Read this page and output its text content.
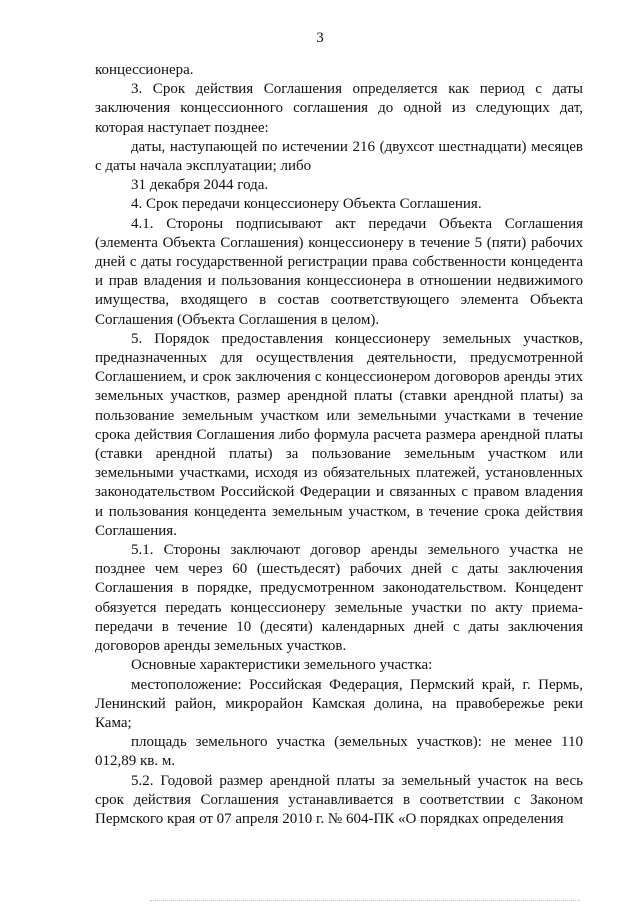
3

концессионера.

3. Срок действия Соглашения определяется как период с даты заключения концессионного соглашения до одной из следующих дат, которая наступает позднее:

даты, наступающей по истечении 216 (двухсот шестнадцати) месяцев с даты начала эксплуатации; либо

31 декабря 2044 года.

4. Срок передачи концессионеру Объекта Соглашения.

4.1. Стороны подписывают акт передачи Объекта Соглашения (элемента Объекта Соглашения) концессионеру в течение 5 (пяти) рабочих дней с даты государственной регистрации права собственности концедента и прав владения и пользования концессионера в отношении недвижимого имущества, входящего в состав соответствующего элемента Объекта Соглашения (Объекта Соглашения в целом).

5. Порядок предоставления концессионеру земельных участков, предназначенных для осуществления деятельности, предусмотренной Соглашением, и срок заключения с концессионером договоров аренды этих земельных участков, размер арендной платы (ставки арендной платы) за пользование земельным участком или земельными участками в течение срока действия Соглашения либо формула расчета размера арендной платы (ставки арендной платы) за пользование земельным участком или земельными участками, исходя из обязательных платежей, установленных законодательством Российской Федерации и связанных с правом владения и пользования концедента земельным участком, в течение срока действия Соглашения.

5.1. Стороны заключают договор аренды земельного участка не позднее чем через 60 (шестьдесят) рабочих дней с даты заключения Соглашения в порядке, предусмотренном законодательством. Концедент обязуется передать концессионеру земельные участки по акту приема-передачи в течение 10 (десяти) календарных дней с даты заключения договоров аренды земельных участков.

Основные характеристики земельного участка:

местоположение: Российская Федерация, Пермский край, г. Пермь, Ленинский район, микрорайон Камская долина, на правобережье реки Кама;

площадь земельного участка (земельных участков): не менее 110 012,89 кв. м.

5.2. Годовой размер арендной платы за земельный участок на весь срок действия Соглашения устанавливается в соответствии с Законом Пермского края от 07 апреля 2010 г. № 604-ПК «О порядках определения
